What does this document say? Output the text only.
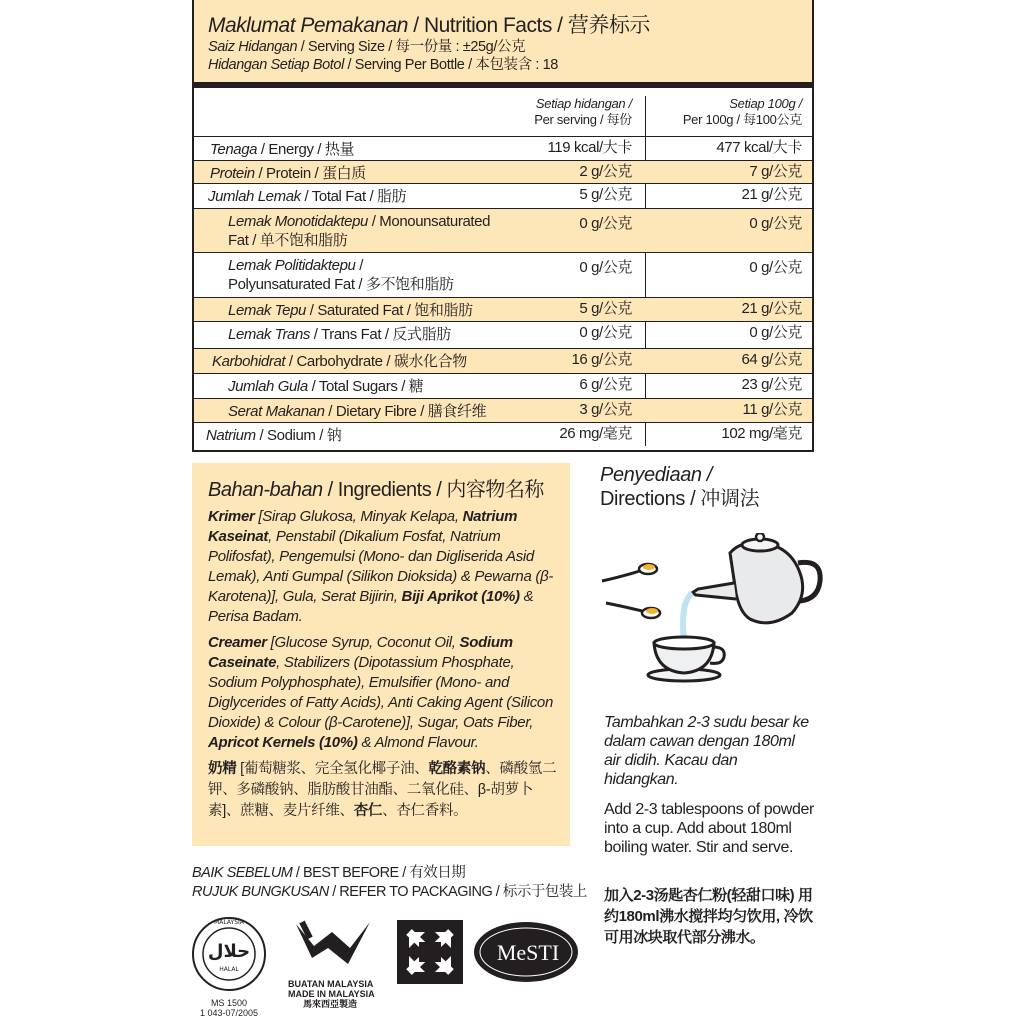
Maklumat Pemakanan / Nutrition Facts / 营养标示
Saiz Hidangan / Serving Size / 每一份量 : ±25g/公克
Hidangan Setiap Botol / Serving Per Bottle / 本包装含 : 18
Setiap hidangan /
Per serving / 每份
Setiap 100g /
Per 100g / 每100公克
Tenaga / Energy / 热量	119 kcal/大卡	477 kcal/大卡
Protein / Protein / 蛋白质	2 g/公克	7 g/公克
Jumlah Lemak / Total Fat / 脂肪	5 g/公克	21 g/公克
Lemak Monotidaktepu / Monounsaturated
Fat / 单不饱和脂肪
0 g/公克	0 g/公克
Lemak Politidaktepu /
Polyunsaturated Fat / 多不饱和脂肪
0 g/公克	0 g/公克
Lemak Tepu / Saturated Fat / 饱和脂肪	5 g/公克	21 g/公克
Lemak Trans / Trans Fat / 反式脂肪	0 g/公克	0 g/公克
Karbohidrat / Carbohydrate / 碳水化合物	16 g/公克	64 g/公克
Jumlah Gula / Total Sugars / 糖	6 g/公克	23 g/公克
Serat Makanan / Dietary Fibre / 膳食纤维	3 g/公克	11 g/公克
Natrium / Sodium / 钠	26 mg/毫克	102 mg/毫克
Bahan-bahan / Ingredients / 内容物名称

Krimer [Sirap Glukosa, Minyak Kelapa, Natrium Kaseinat, Penstabil (Dikalium Fosfat, Natrium Polifosfat), Pengemulsi (Mono- dan Digliserida Asid Lemak), Anti Gumpal (Silikon Dioksida) & Pewarna (β-Karotena)], Gula, Serat Bijirin, Biji Aprikot (10%) & Perisa Badam.

Creamer [Glucose Syrup, Coconut Oil, Sodium Caseinate, Stabilizers (Dipotassium Phosphate, Sodium Polyphosphate), Emulsifier (Mono- and Diglycerides of Fatty Acids), Anti Caking Agent (Silicon Dioxide) & Colour (β-Carotene)], Sugar, Oats Fiber, Apricot Kernels (10%) & Almond Flavour.

奶精 [葡萄糖浆、完全氢化椰子油、乾酪素钠、磷酸氫二钾、多磷酸钠、脂肪酸甘油酯、二氧化硅、β-胡萝卜素]、蔗糖、麦片纤维、杏仁、杏仁香料。

Penyediaan /
Directions / 冲调法

Tambahkan 2-3 sudu besar ke dalam cawan dengan 180ml air didih. Kacau dan hidangkan.

Add 2-3 tablespoons of powder into a cup. Add about 180ml boiling water. Stir and serve.

加入2-3汤匙杏仁粉(轻甜口味) 用约180ml沸水搅拌均匀饮用, 冷饮可用冰块取代部分沸水。

BAIK SEBELUM / BEST BEFORE / 有效日期
RUJUK BUNGKUSAN / REFER TO PACKAGING / 标示于包装上
MALAYSIA
حلال
HALAL
MS 1500
1 043-07/2005
BUATAN MALAYSIA
MADE IN MALAYSIA
馬來西亞製造
MeSTI
